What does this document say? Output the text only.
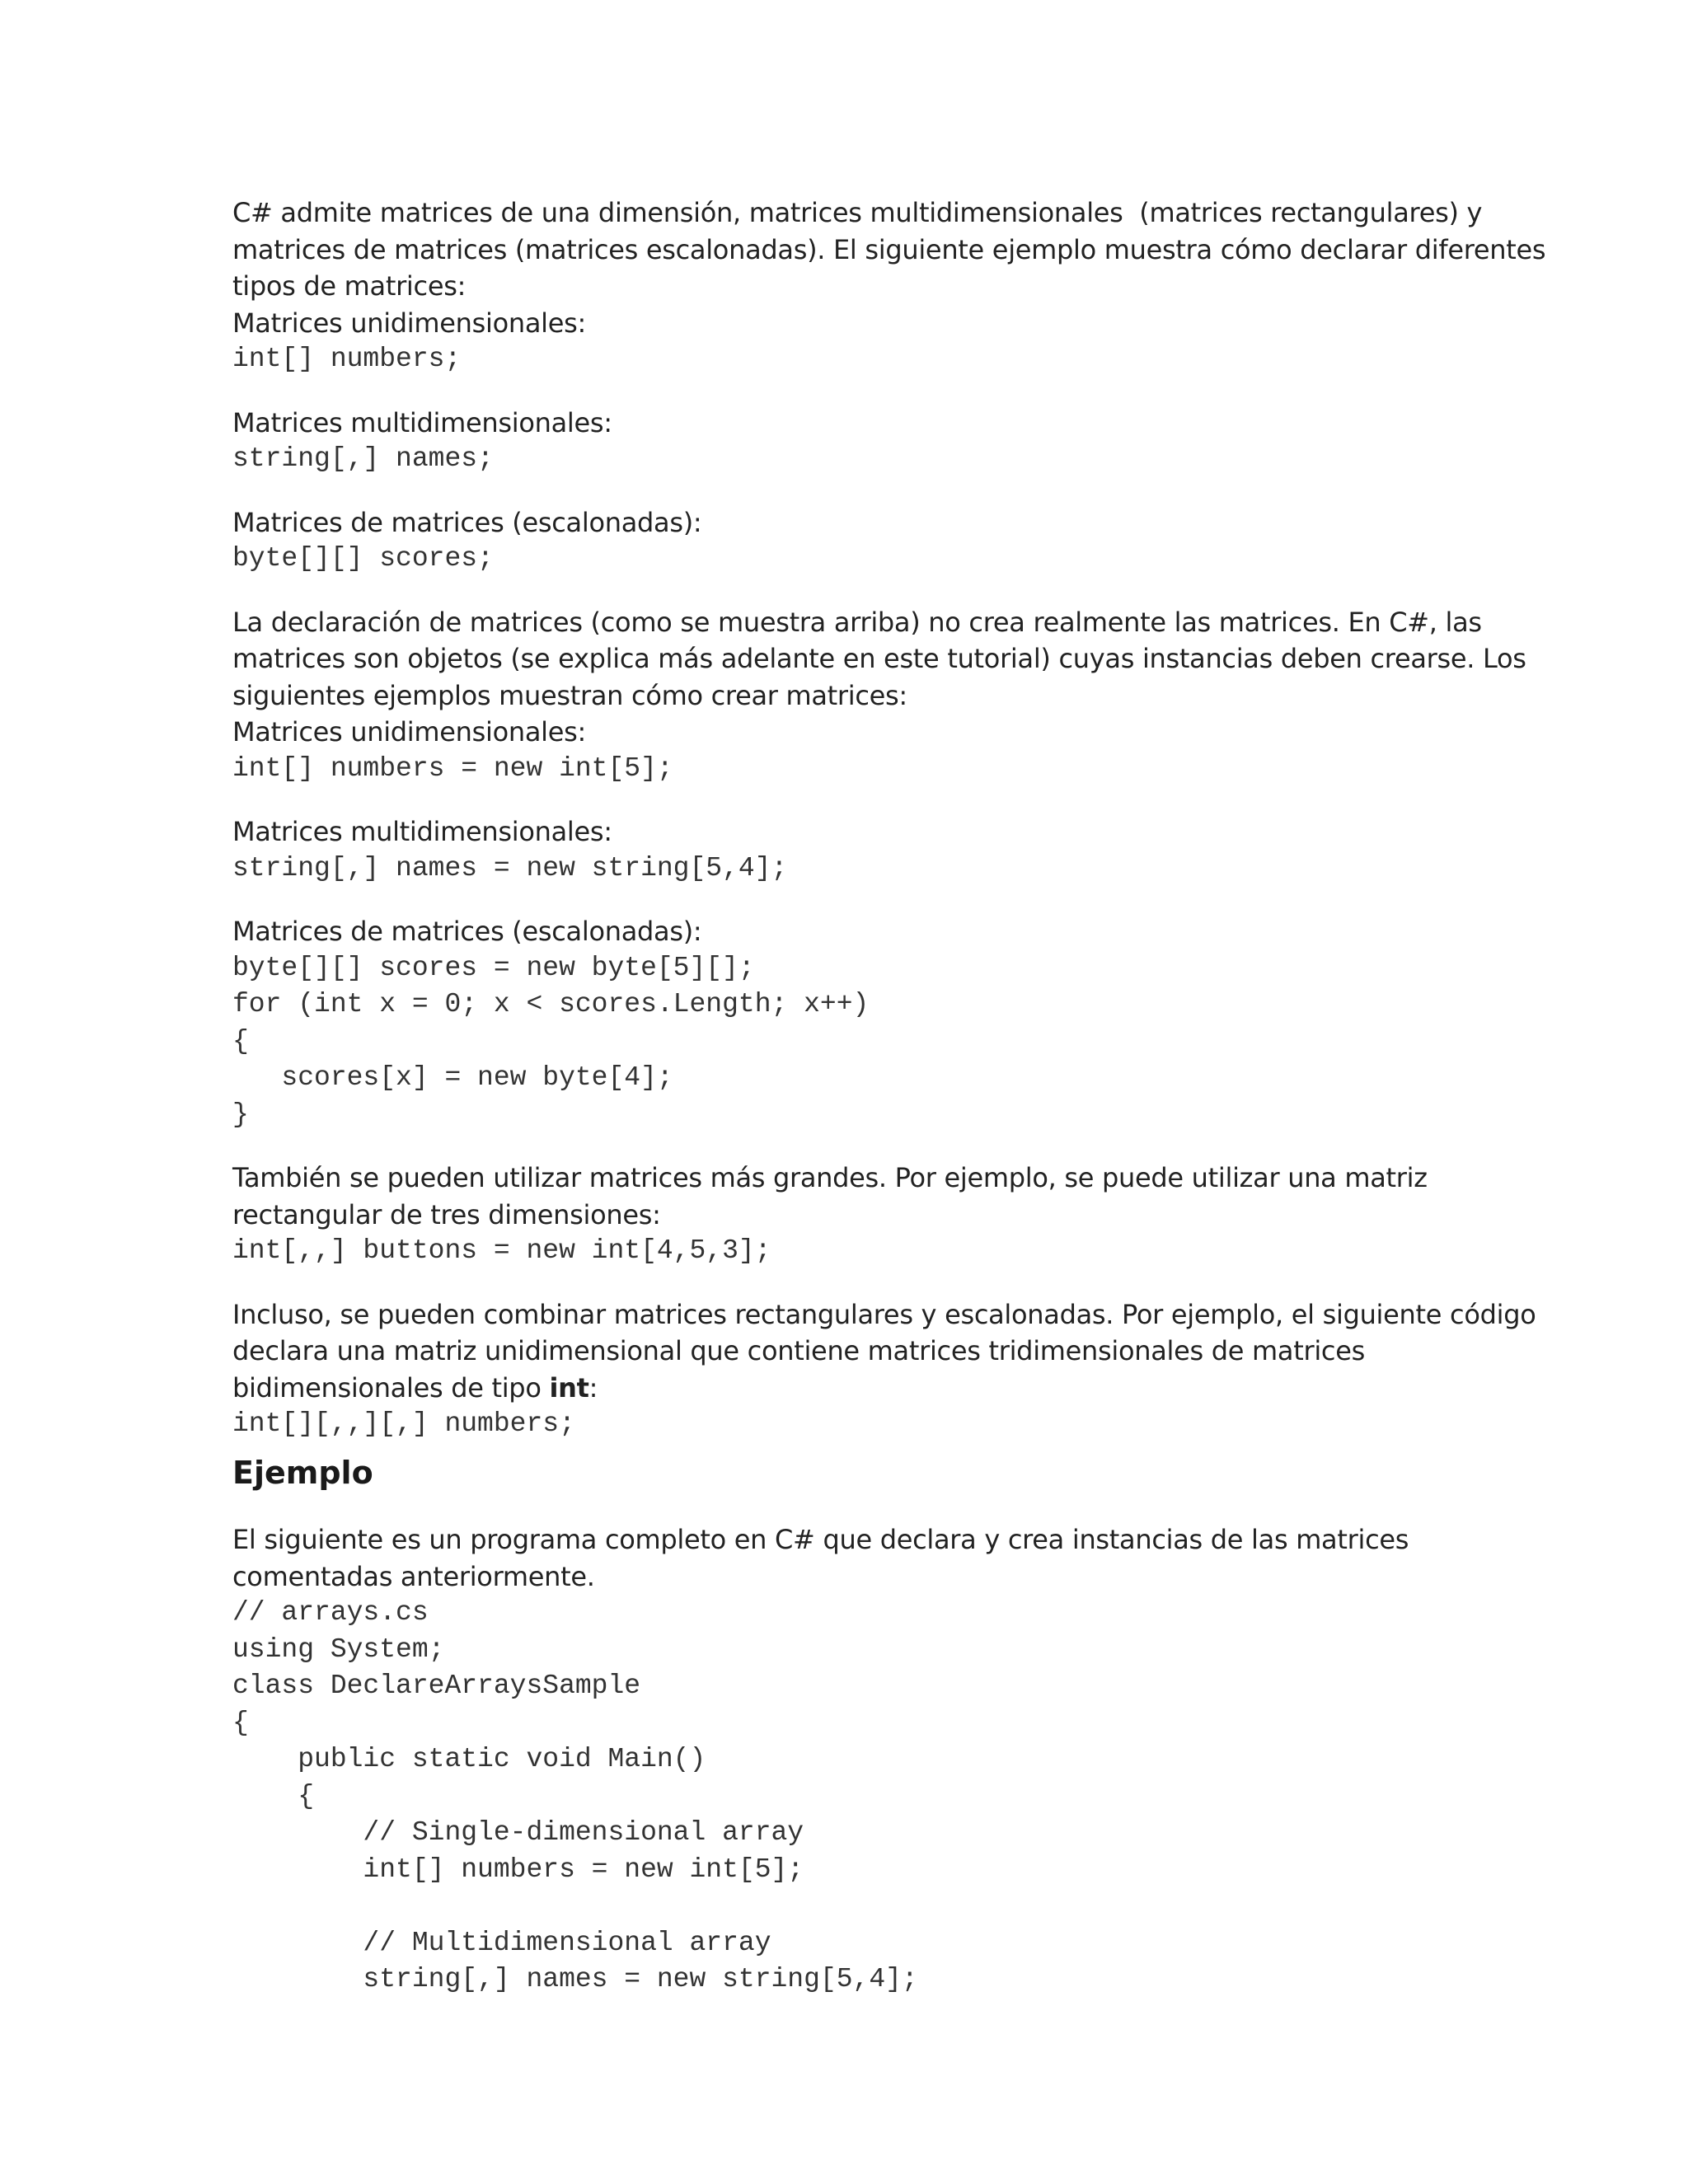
C# admite matrices de una dimensión, matrices multidimensionales  (matrices rectangulares) y

matrices de matrices (matrices escalonadas). El siguiente ejemplo muestra cómo declarar diferentes

tipos de matrices:

Matrices unidimensionales:

int[] numbers;

Matrices multidimensionales:

string[,] names;

Matrices de matrices (escalonadas):

byte[][] scores;

La declaración de matrices (como se muestra arriba) no crea realmente las matrices. En C#, las

matrices son objetos (se explica más adelante en este tutorial) cuyas instancias deben crearse. Los

siguientes ejemplos muestran cómo crear matrices:

Matrices unidimensionales:

int[] numbers = new int[5];

Matrices multidimensionales:

string[,] names = new string[5,4];

Matrices de matrices (escalonadas):

byte[][] scores = new byte[5][];

for (int x = 0; x < scores.Length; x++)

{

scores[x] = new byte[4];

}

También se pueden utilizar matrices más grandes. Por ejemplo, se puede utilizar una matriz

rectangular de tres dimensiones:

int[,,] buttons = new int[4,5,3];

Incluso, se pueden combinar matrices rectangulares y escalonadas. Por ejemplo, el siguiente código

declara una matriz unidimensional que contiene matrices tridimensionales de matrices

bidimensionales de tipo int:

int[][,,][,] numbers;

Ejemplo

El siguiente es un programa completo en C# que declara y crea instancias de las matrices

comentadas anteriormente.

// arrays.cs

using System;

class DeclareArraysSample

{

public static void Main()

{

// Single-dimensional array

int[] numbers = new int[5];

// Multidimensional array

string[,] names = new string[5,4];
